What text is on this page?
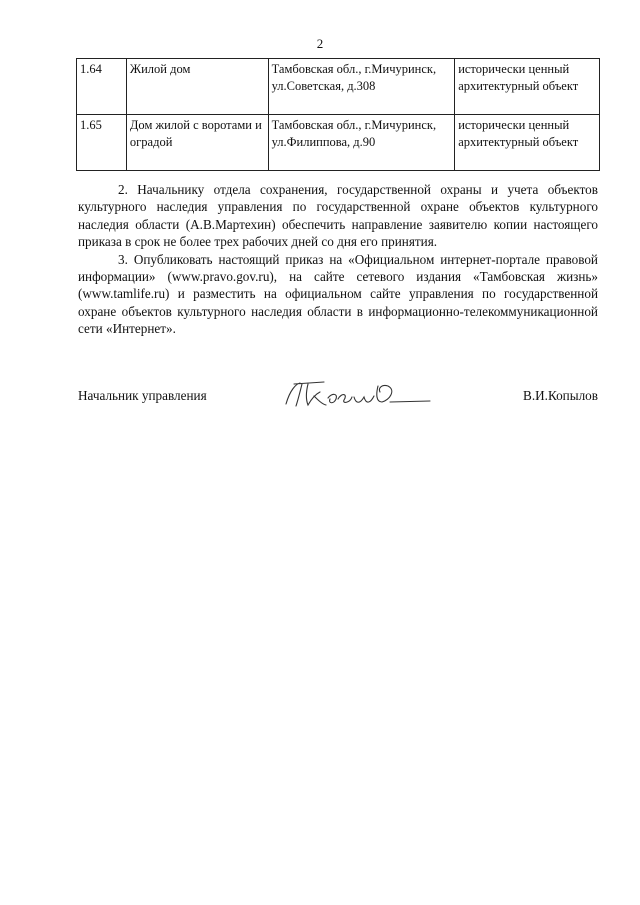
2
1.64	Жилой дом	Тамбовская обл., г.Мичуринск, ул.Советская, д.308	исторически ценный архитектурный объект
1.65	Дом жилой с воротами и оградой	Тамбовская обл., г.Мичуринск, ул.Филиппова, д.90	исторически ценный архитектурный объект

2. Начальнику отдела сохранения, государственной охраны и учета объектов культурного наследия управления по государственной охране объектов культурного наследия области (А.В.Мартехин) обеспечить направление заявителю копии настоящего приказа в срок не более трех рабочих дней со дня его принятия.

3. Опубликовать настоящий приказ на «Официальном интернет-портале правовой информации» (www.pravo.gov.ru), на сайте сетевого издания «Тамбовская жизнь» (www.tamlife.ru) и разместить на официальном сайте управления по государственной охране объектов культурного наследия области в информационно-телекоммуникационной сети «Интернет».

Начальник управления	В.И.Копылов
